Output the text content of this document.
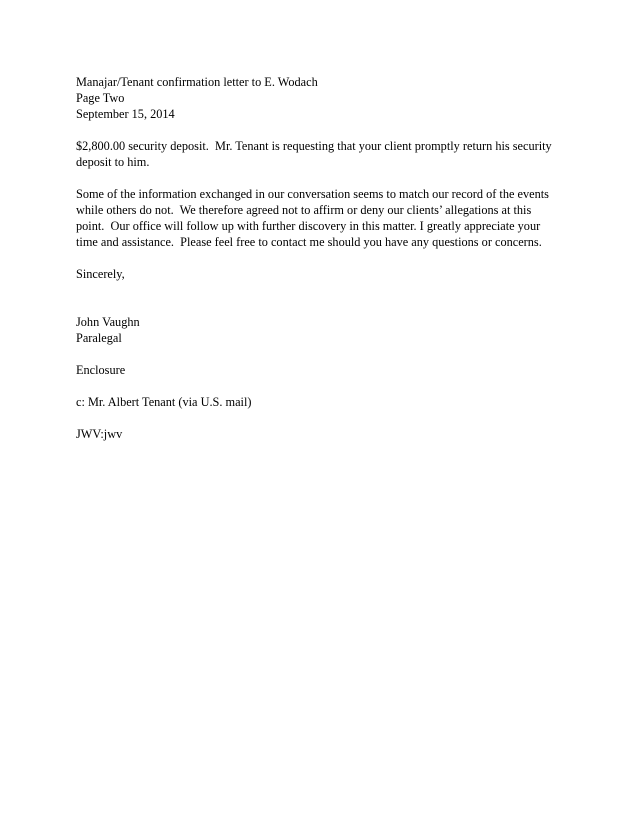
Manajar/Tenant confirmation letter to E. Wodach
Page Two
September 15, 2014
$2,800.00 security deposit.  Mr. Tenant is requesting that your client promptly return his security
deposit to him.
Some of the information exchanged in our conversation seems to match our record of the events
while others do not.  We therefore agreed not to affirm or deny our clients’ allegations at this
point.  Our office will follow up with further discovery in this matter. I greatly appreciate your
time and assistance.  Please feel free to contact me should you have any questions or concerns.
Sincerely,
John Vaughn
Paralegal
Enclosure
c: Mr. Albert Tenant (via U.S. mail)
JWV:jwv
